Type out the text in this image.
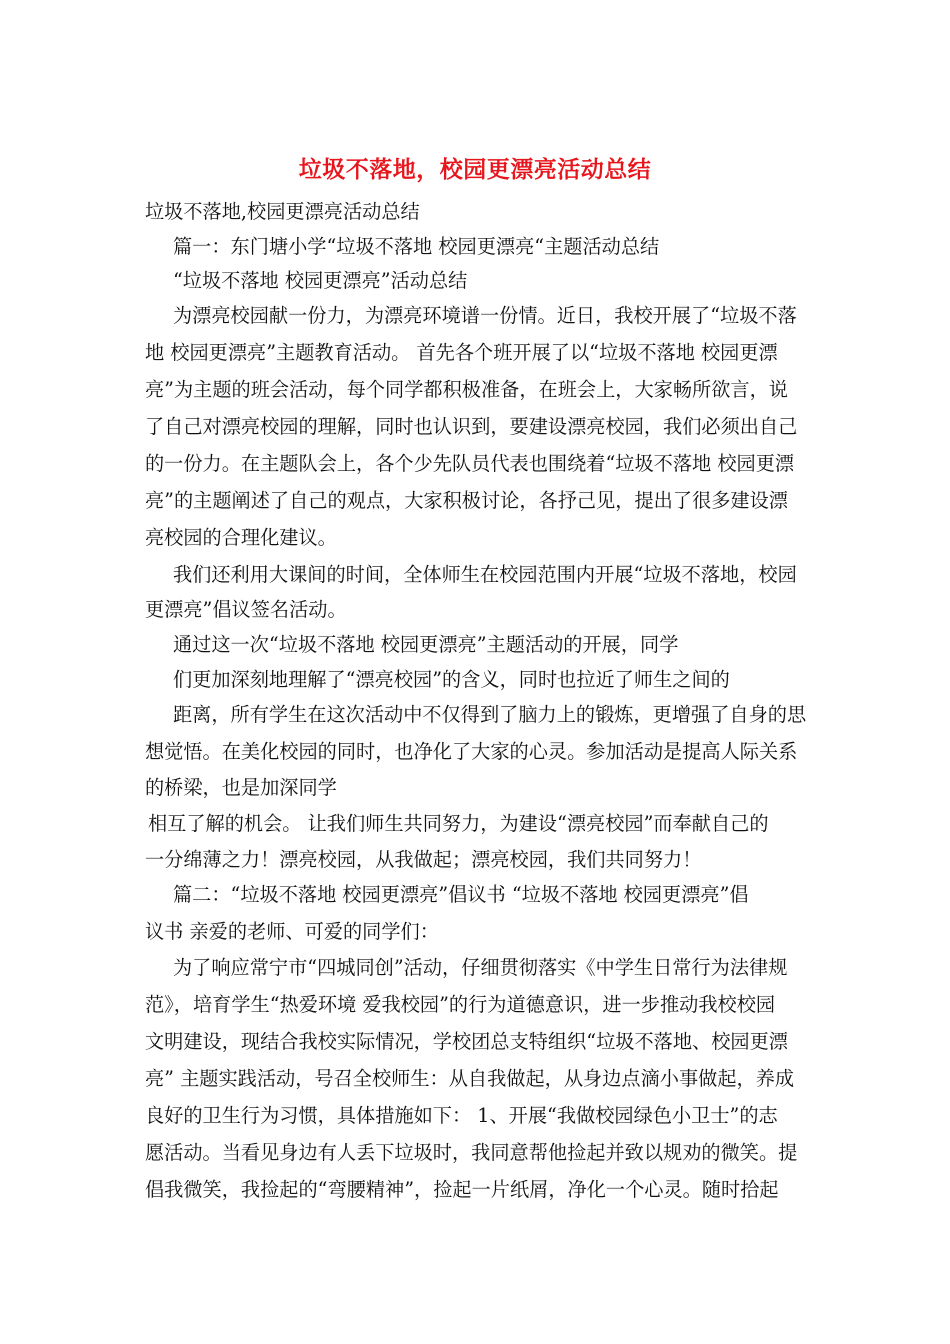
垃圾不落地，校园更漂亮活动总结
垃圾不落地,校园更漂亮活动总结
篇一：东门塘小学“垃圾不落地 校园更漂亮“主题活动总结
“垃圾不落地 校园更漂亮”活动总结
为漂亮校园献一份力，为漂亮环境谱一份情。近日，我校开展了“垃圾不落
地 校园更漂亮”主题教育活动。 首先各个班开展了以“垃圾不落地 校园更漂
亮”为主题的班会活动，每个同学都积极准备，在班会上，大家畅所欲言，说
了自己对漂亮校园的理解，同时也认识到，要建设漂亮校园，我们必须出自己
的一份力。在主题队会上，各个少先队员代表也围绕着“垃圾不落地 校园更漂
亮”的主题阐述了自己的观点，大家积极讨论，各抒己见，提出了很多建设漂
亮校园的合理化建议。
我们还利用大课间的时间，全体师生在校园范围内开展“垃圾不落地，校园
更漂亮”倡议签名活动。
通过这一次“垃圾不落地 校园更漂亮”主题活动的开展，同学
们更加深刻地理解了“漂亮校园”的含义，同时也拉近了师生之间的
距离，所有学生在这次活动中不仅得到了脑力上的锻炼，更增强了自身的思
想觉悟。在美化校园的同时，也净化了大家的心灵。参加活动是提高人际关系
的桥梁，也是加深同学
相互了解的机会。 让我们师生共同努力，为建设“漂亮校园”而奉献自己的
一分绵薄之力！漂亮校园，从我做起；漂亮校园，我们共同努力！
篇二：“垃圾不落地 校园更漂亮”倡议书 “垃圾不落地 校园更漂亮”倡
议书 亲爱的老师、可爱的同学们：
为了响应常宁市“四城同创”活动，仔细贯彻落实《中学生日常行为法律规
范》，培育学生“热爱环境 爱我校园”的行为道德意识，进一步推动我校校园
文明建设，现结合我校实际情况，学校团总支特组织“垃圾不落地、校园更漂
亮” 主题实践活动，号召全校师生：从自我做起，从身边点滴小事做起，养成
良好的卫生行为习惯，具体措施如下： 1、开展“我做校园绿色小卫士”的志
愿活动。当看见身边有人丢下垃圾时，我同意帮他捡起并致以规劝的微笑。提
倡我微笑，我捡起的“弯腰精神”，捡起一片纸屑，净化一个心灵。随时拾起
